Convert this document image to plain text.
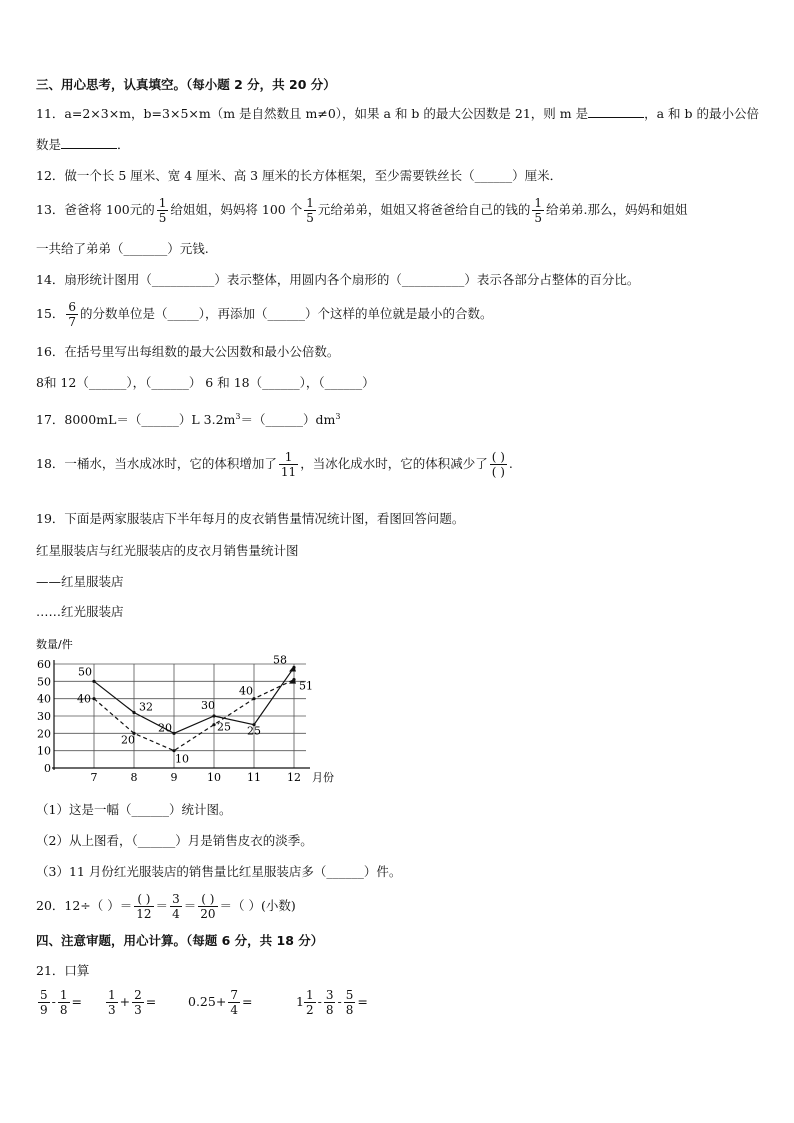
三、用心思考，认真填空。（每小题 2 分，共 20 分）
11．a=2×3×m，b=3×5×m（m 是自然数且 m≠0），如果 a 和 b 的最大公因数是 21，则 m 是	，a 和 b 的最小公倍
数是	．
12．做一个长 5 厘米、宽 4 厘米、高 3 厘米的长方体框架，至少需要铁丝长（______）厘米．
13．爸爸将 100元的 $\frac{1}{5}$ 给姐姐，妈妈将 100 个 $\frac{1}{5}$ 元给弟弟，姐姐又将爸爸给自己的钱的 $\frac{1}{5}$ 给弟弟.那么，妈妈和姐姐
一共给了弟弟（_______）元钱.
14．扇形统计图用（__________）表示整体，用圆内各个扇形的（__________）表示各部分占整体的百分比。
15． $\frac{6}{7}$ 的分数单位是（_____），再添加（______）个这样的单位就是最小的合数。
16．在括号里写出每组数的最大公因数和最小公倍数。
8和 12（______），（______） 6 和 18（______），（______）
17．8000mL＝（______）L $3.2m^3=(\_\_\_\_\_\_)dm^3$
18．一桶水，当水成冰时，它的体积增加了 $\frac{1}{11}$ ，当冰化成水时，它的体积减少了 $\frac{( )}{( )}$ .
19．下面是两家服装店下半年每月的皮衣销售量情况统计图，看图回答问题。
红星服装店与红光服装店的皮衣月销售量统计图
——红星服装店
……红光服装店
0
10
20
30
40
50
60
7	8	9	10 11 12
数量/件
月份
50
32
20
30
25
58
40
20
10
25
40	51
（1）这是一幅（______）统计图。
（2）从上图看，（______）月是销售皮衣的淡季。
（3）11 月份红光服装店的销售量比红星服装店多（______）件。
20．12÷（ ）＝ $\frac{( )}{12} = \frac{3}{4} = \frac{( )}{20}$ ＝（ ）(小数)
四、注意审题，用心计算。（每题 6 分，共 18 分）
21．口算
$\frac{5}{9} - \frac{1}{8} = \frac{1}{3} + \frac{2}{3}$ =	$0.25+ \frac{7}{4}$ =	$1 \frac{1}{2} - \frac{3}{8} - \frac{5}{8}$ =
